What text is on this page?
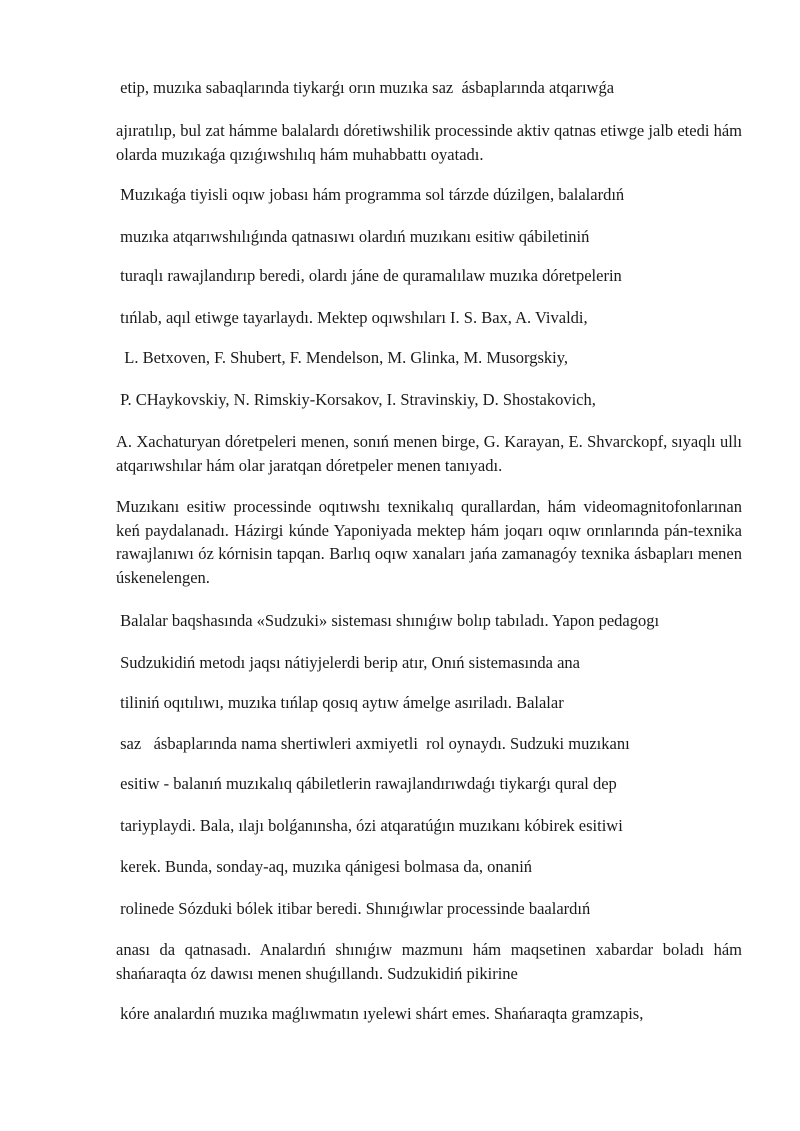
etip, muzıka sabaqlarında tiykarǵı orın muzıka saz  ásbaplarında atqarıwǵa
ajıratılıp, bul zat hámme balalardı dóretiwshilik processinde aktiv qatnas etiwge jalb etedi hám olarda muzıkaǵa qızıǵıwshılıq hám muhabbattı oyatadı.
Muzıkaǵa tiyisli oqıw jobası hám programma sol tárzde dúzilgen, balalardıń
muzıka atqarıwshılıǵında qatnasıwı olardıń muzıkanı esitiw qábiletiniń
turaqlı rawajlandırıp beredi, olardı jáne de quramalılaw muzıka dóretpelerin
tıńlab, aqıl etiwge tayarlaydı. Mektep oqıwshıları I. S. Bax, A. Vivaldi,
L. Betxoven, F. Shubert, F. Mendelson, M. Glinka, M. Musorgskiy,
P. CHaykovskiy, N. Rimskiy-Korsakov, I. Stravinskiy, D. Shostakovich,
A. Xachaturyan dóretpeleri menen, sonıń menen birge, G. Karayan, E. Shvarckopf, sıyaqlı ullı atqarıwshılar hám olar jaratqan dóretpeler menen tanıyadı.
Muzıkanı esitiw processinde oqıtıwshı texnikalıq qurallardan, hám videomagnitofonlarınan keń paydalanadı. Házirgi kúnde Yaponiyada mektep hám joqarı oqıw orınlarında pán-texnika rawajlanıwı óz kórnisin tapqan. Barlıq oqıw xanaları jańa zamanagóy texnika ásbapları menen úskenelengen.
Balalar baqshasında «Sudzuki» sisteması shınıǵıw bolıp tabıladı. Yapon pedagogı
Sudzukidiń metodı jaqsı nátiyjelerdi berip atır, Onıń sistemasında ana
tiliniń oqıtılıwı, muzıka tıńlap qosıq aytıw ámelge asıriladı. Balalar
saz   ásbaplarında nama shertiwleri axmiyetli  rol oynaydı. Sudzuki muzıkanı
esitiw - balanıń muzıkalıq qábiletlerin rawajlandırıwdaǵı tiykarǵı qural dep
tariyplaydi. Bala, ılajı bolǵanınsha, ózi atqaratúǵın muzıkanı kóbirek esitiwi
kerek. Bunda, sonday-aq, muzıka qánigesi bolmasa da, onaniń
rolinede Sózduki bólek itibar beredi. Shınıǵıwlar processinde baalardıń
anası da qatnasadı. Analardıń shınıǵıw mazmunı hám maqsetinen xabardar boladı hám shańaraqta óz dawısı menen shuǵıllandı. Sudzukidiń pikirine
kóre analardıń muzıka maǵlıwmatın ıyelewi shárt emes. Shańaraqta gramzapis,
